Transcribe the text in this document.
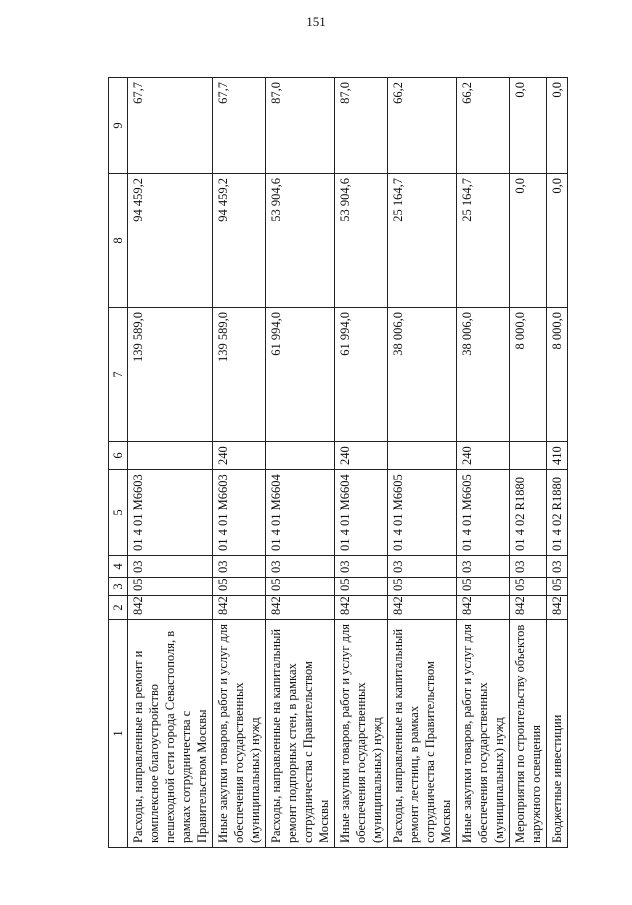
151
1	2	3	4	5	6	7	8	9
Расходы, направленные на ремонт и комплексное благоустройство пешеходной сети города Севастополя, в рамках сотрудничества с Правительством Москвы	842	05	03	01 4 01 М6603		139 589,0	94 459,2	67,7
Иные закупки товаров, работ и услуг для обеспечения государственных (муниципальных) нужд	842	05	03	01 4 01 М6603	240	139 589,0	94 459,2	67,7
Расходы, направленные на капитальный ремонт подпорных стен, в рамках сотрудничества с Правительством Москвы	842	05	03	01 4 01 М6604		61 994,0	53 904,6	87,0
Иные закупки товаров, работ и услуг для обеспечения государственных (муниципальных) нужд	842	05	03	01 4 01 М6604	240	61 994,0	53 904,6	87,0
Расходы, направленные на капитальный ремонт лестниц, в рамках сотрудничества с Правительством Москвы	842	05	03	01 4 01 М6605		38 006,0	25 164,7	66,2
Иные закупки товаров, работ и услуг для обеспечения государственных (муниципальных) нужд	842	05	03	01 4 01 М6605	240	38 006,0	25 164,7	66,2
Мероприятия по строительству объектов наружного освещения	842	05	03	01 4 02 R1880		8 000,0	0,0	0,0
Бюджетные инвестиции	842	05	03	01 4 02 R1880	410	8 000,0	0,0	0,0
